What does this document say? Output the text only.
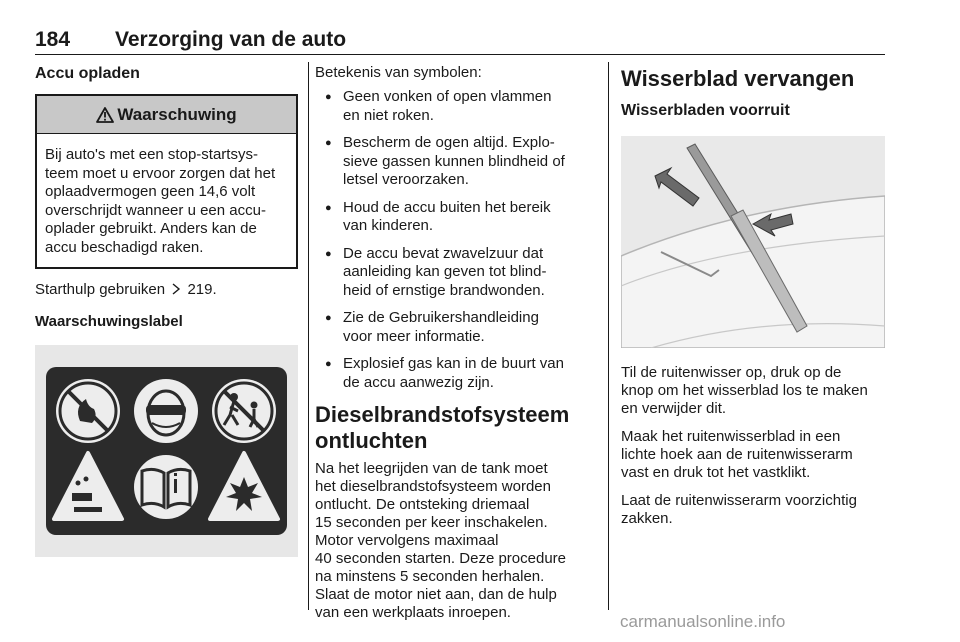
184 Verzorging van de auto
Accu opladen
Waarschuwing
Bij auto's met een stop-startsys-
teem moet u ervoor zorgen dat het
oplaadvermogen geen 14,6 volt
overschrijdt wanneer u een accu-
oplader gebruikt. Anders kan de
accu beschadigd raken.
Starthulp gebruiken 219.
Waarschuwingslabel
Betekenis van symbolen:
● Geen vonken of open vlammen
en niet roken.
● Bescherm de ogen altijd. Explo-
sieve gassen kunnen blindheid of
letsel veroorzaken.
● Houd de accu buiten het bereik
van kinderen.
● De accu bevat zwavelzuur dat
aanleiding kan geven tot blind-
heid of ernstige brandwonden.
● Zie de Gebruikershandleiding
voor meer informatie.
● Explosief gas kan in de buurt van
de accu aanwezig zijn.
Dieselbrandstofsysteem
ontluchten
Na het leegrijden van de tank moet
het dieselbrandstofsysteem worden
ontlucht. De ontsteking driemaal
15 seconden per keer inschakelen.
Motor vervolgens maximaal
40 seconden starten. Deze procedure
na minstens 5 seconden herhalen.
Slaat de motor niet aan, dan de hulp
van een werkplaats inroepen.
Wisserblad vervangen
Wisserbladen voorruit
Til de ruitenwisser op, druk op de
knop om het wisserblad los te maken
en verwijder dit.
Maak het ruitenwisserblad in een
lichte hoek aan de ruitenwisserarm
vast en druk tot het vastklikt.
Laat de ruitenwisserarm voorzichtig
zakken.
carmanualsonline.info
